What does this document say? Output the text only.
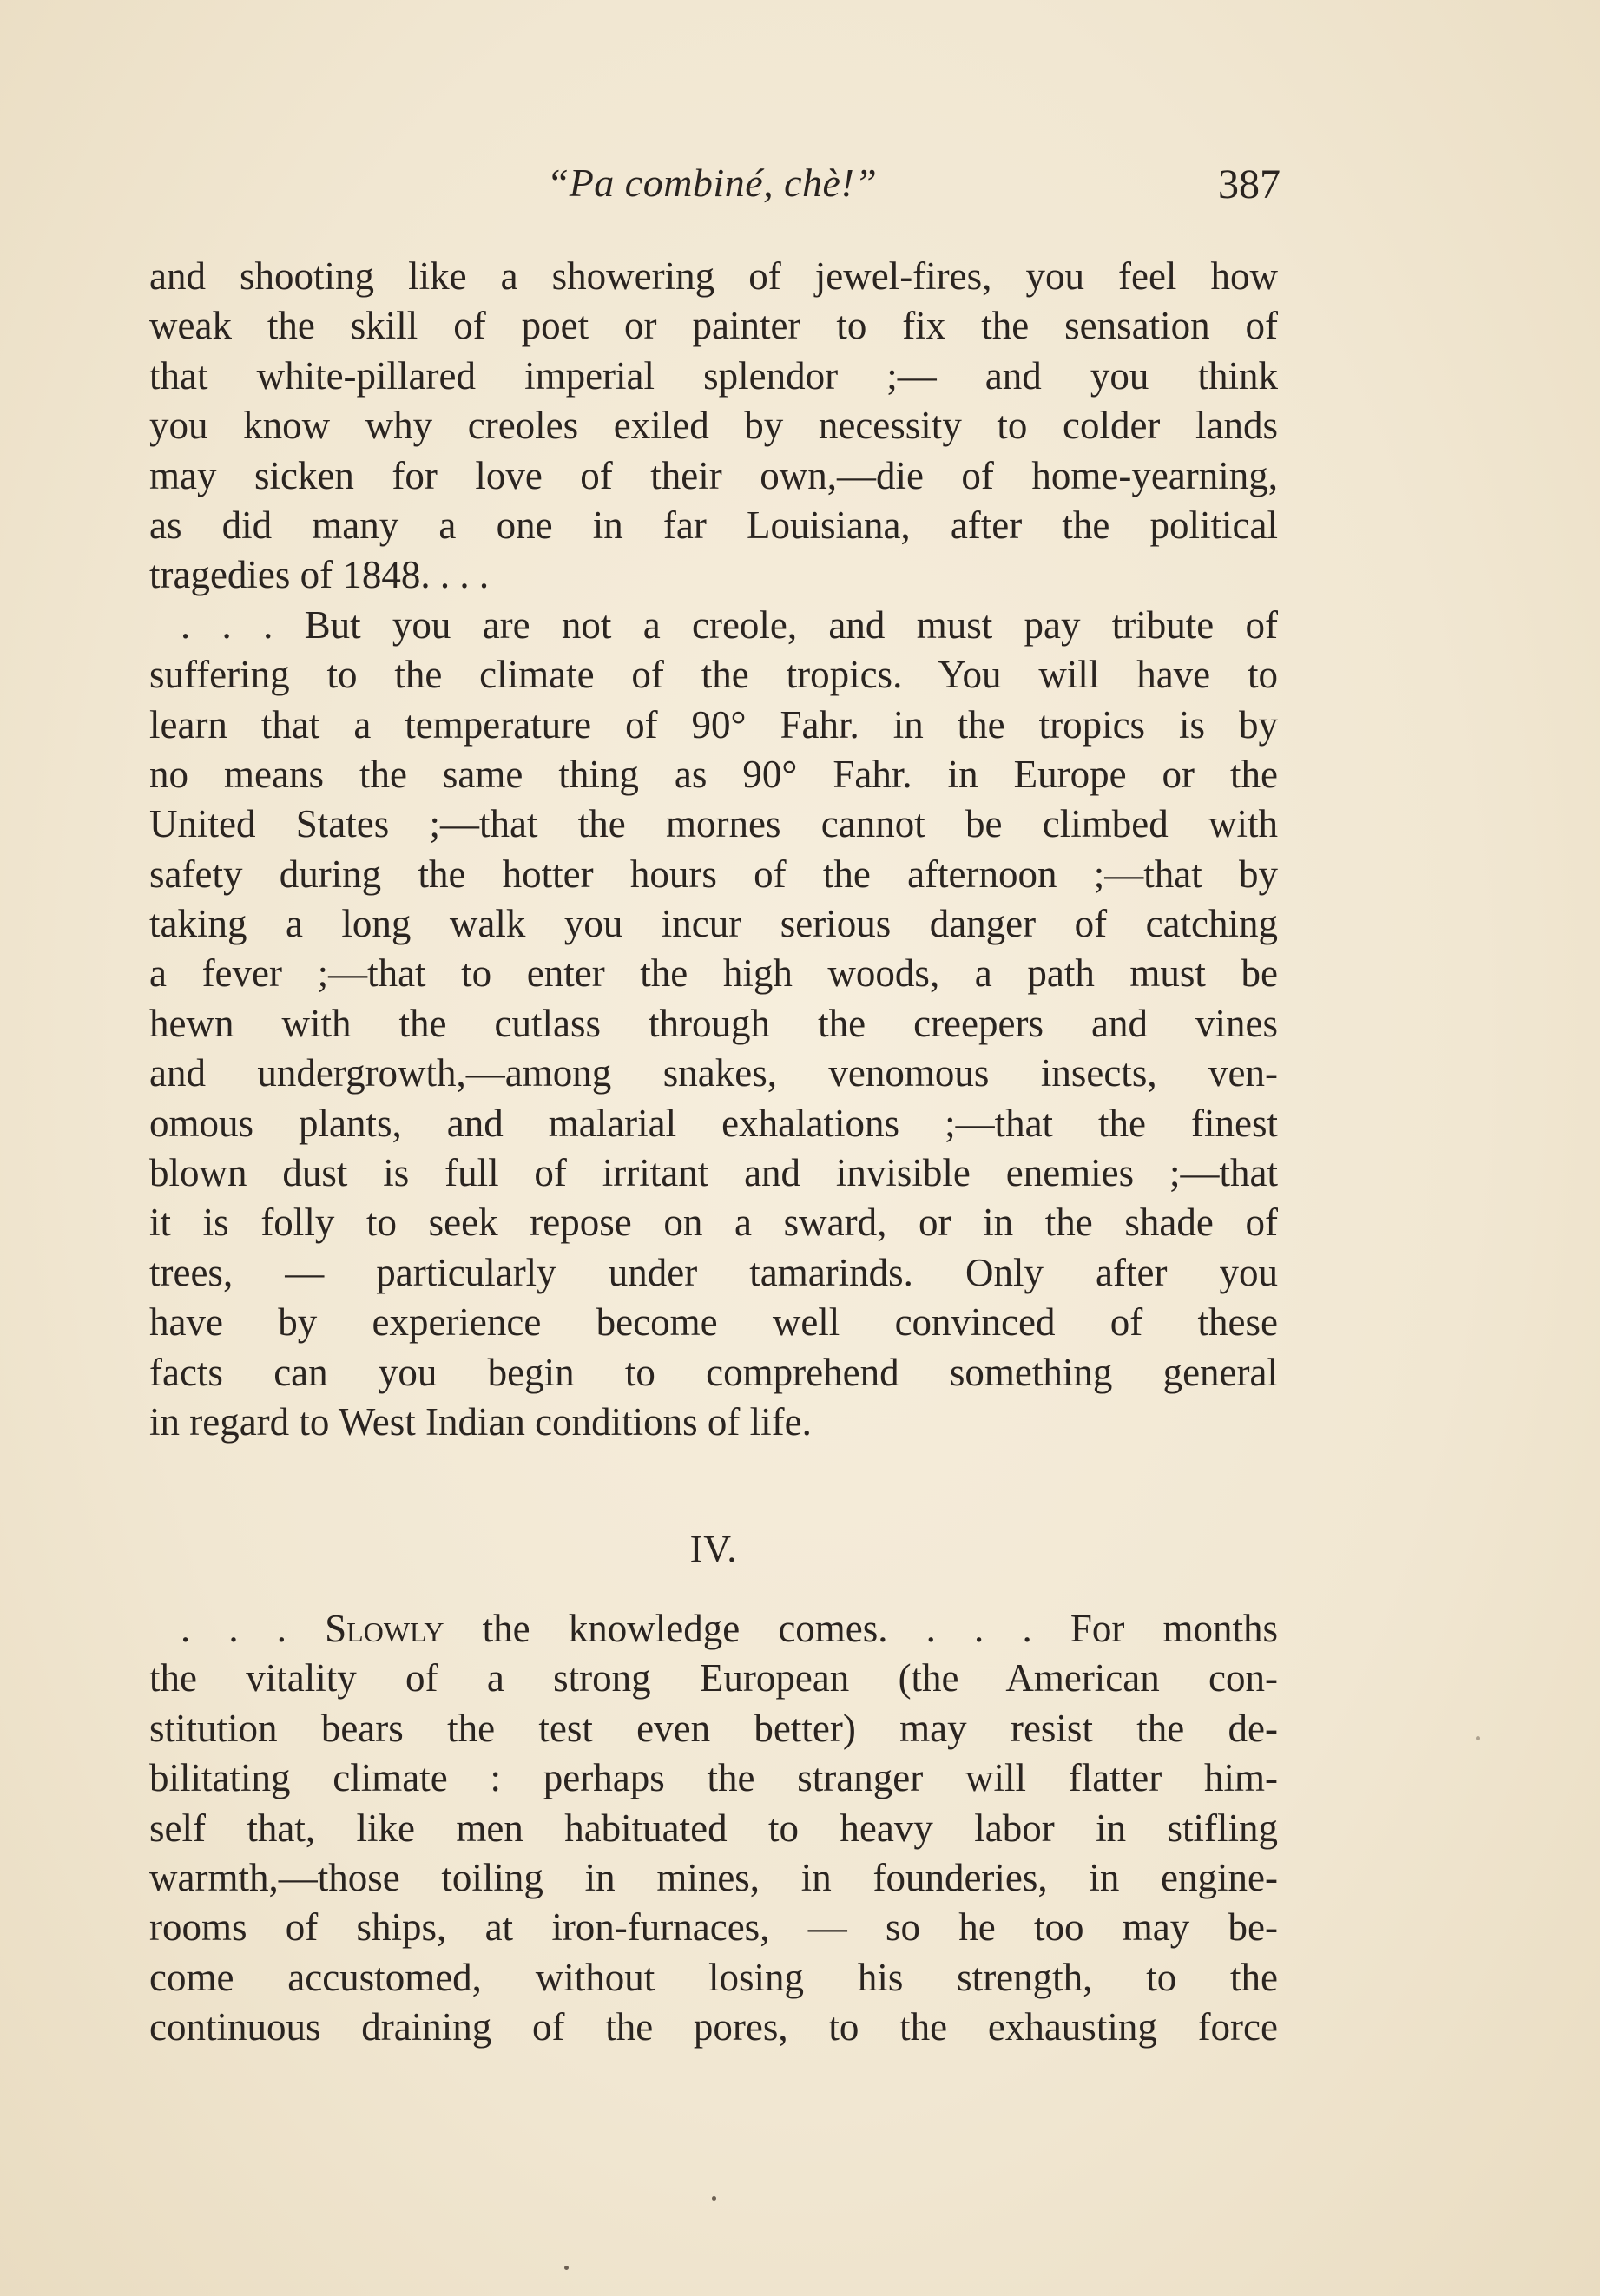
“Pa combiné, chè!”	387
and shooting like a showering of jewel-fires, you feel how
weak the skill of poet or painter to fix the sensation of
that white-pillared imperial splendor ;— and you think
you know why creoles exiled by necessity to colder lands
may sicken for love of their own,—die of home-yearning,
as did many a one in far Louisiana, after the political
tragedies of 1848. . . .
. . . But you are not a creole, and must pay tribute of
suffering to the climate of the tropics. You will have to
learn that a temperature of 90° Fahr. in the tropics is by
no means the same thing as 90° Fahr. in Europe or the
United States ;—that the mornes cannot be climbed with
safety during the hotter hours of the afternoon ;—that by
taking a long walk you incur serious danger of catching
a fever ;—that to enter the high woods, a path must be
hewn with the cutlass through the creepers and vines
and undergrowth,—among snakes, venomous insects, ven-
omous plants, and malarial exhalations ;—that the finest
blown dust is full of irritant and invisible enemies ;—that
it is folly to seek repose on a sward, or in the shade of
trees, — particularly under tamarinds. Only after you
have by experience become well convinced of these
facts can you begin to comprehend something general
in regard to West Indian conditions of life.
IV.
. . . Slowly the knowledge comes. . . . For months
the vitality of a strong European (the American con-
stitution bears the test even better) may resist the de-
bilitating climate : perhaps the stranger will flatter him-
self that, like men habituated to heavy labor in stifling
warmth,—those toiling in mines, in founderies, in engine-
rooms of ships, at iron-furnaces, — so he too may be-
come accustomed, without losing his strength, to the
continuous draining of the pores, to the exhausting force
